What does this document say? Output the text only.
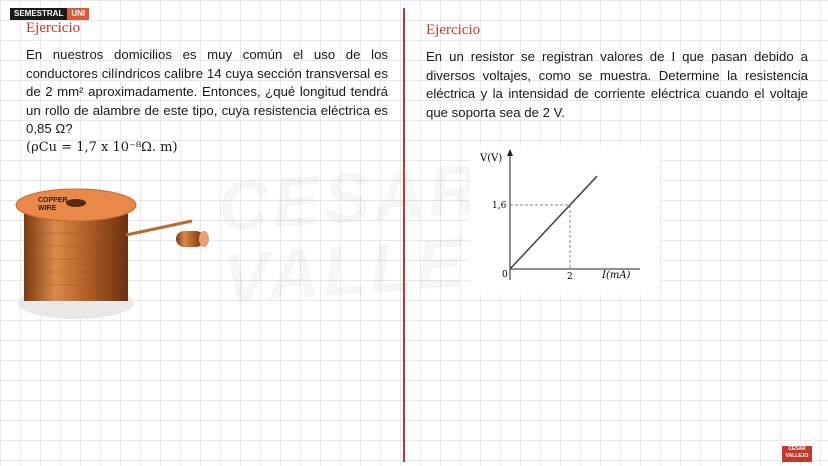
SEMESTRAL	UNI
Ejercicio
En nuestros domicilios es muy común el uso de los conductores cilíndricos calibre 14 cuya sección transversal es de 2 mm² aproximadamente. Entonces, ¿qué longitud tendrá un rollo de alambre de este tipo, cuya resistencia eléctrica es 0,85 Ω?
(ρCu = 1,7 x 10⁻⁸Ω. m)
COPPER
WIRE
Ejercicio
En un resistor se registran valores de I que pasan debido a diversos voltajes, como se muestra. Determine la resistencia eléctrica y la intensidad de corriente eléctrica cuando el voltaje que soporta sea de 2 V.
V(V)
I(mA)
0
1,6
2
CESAR
VALLEJO
